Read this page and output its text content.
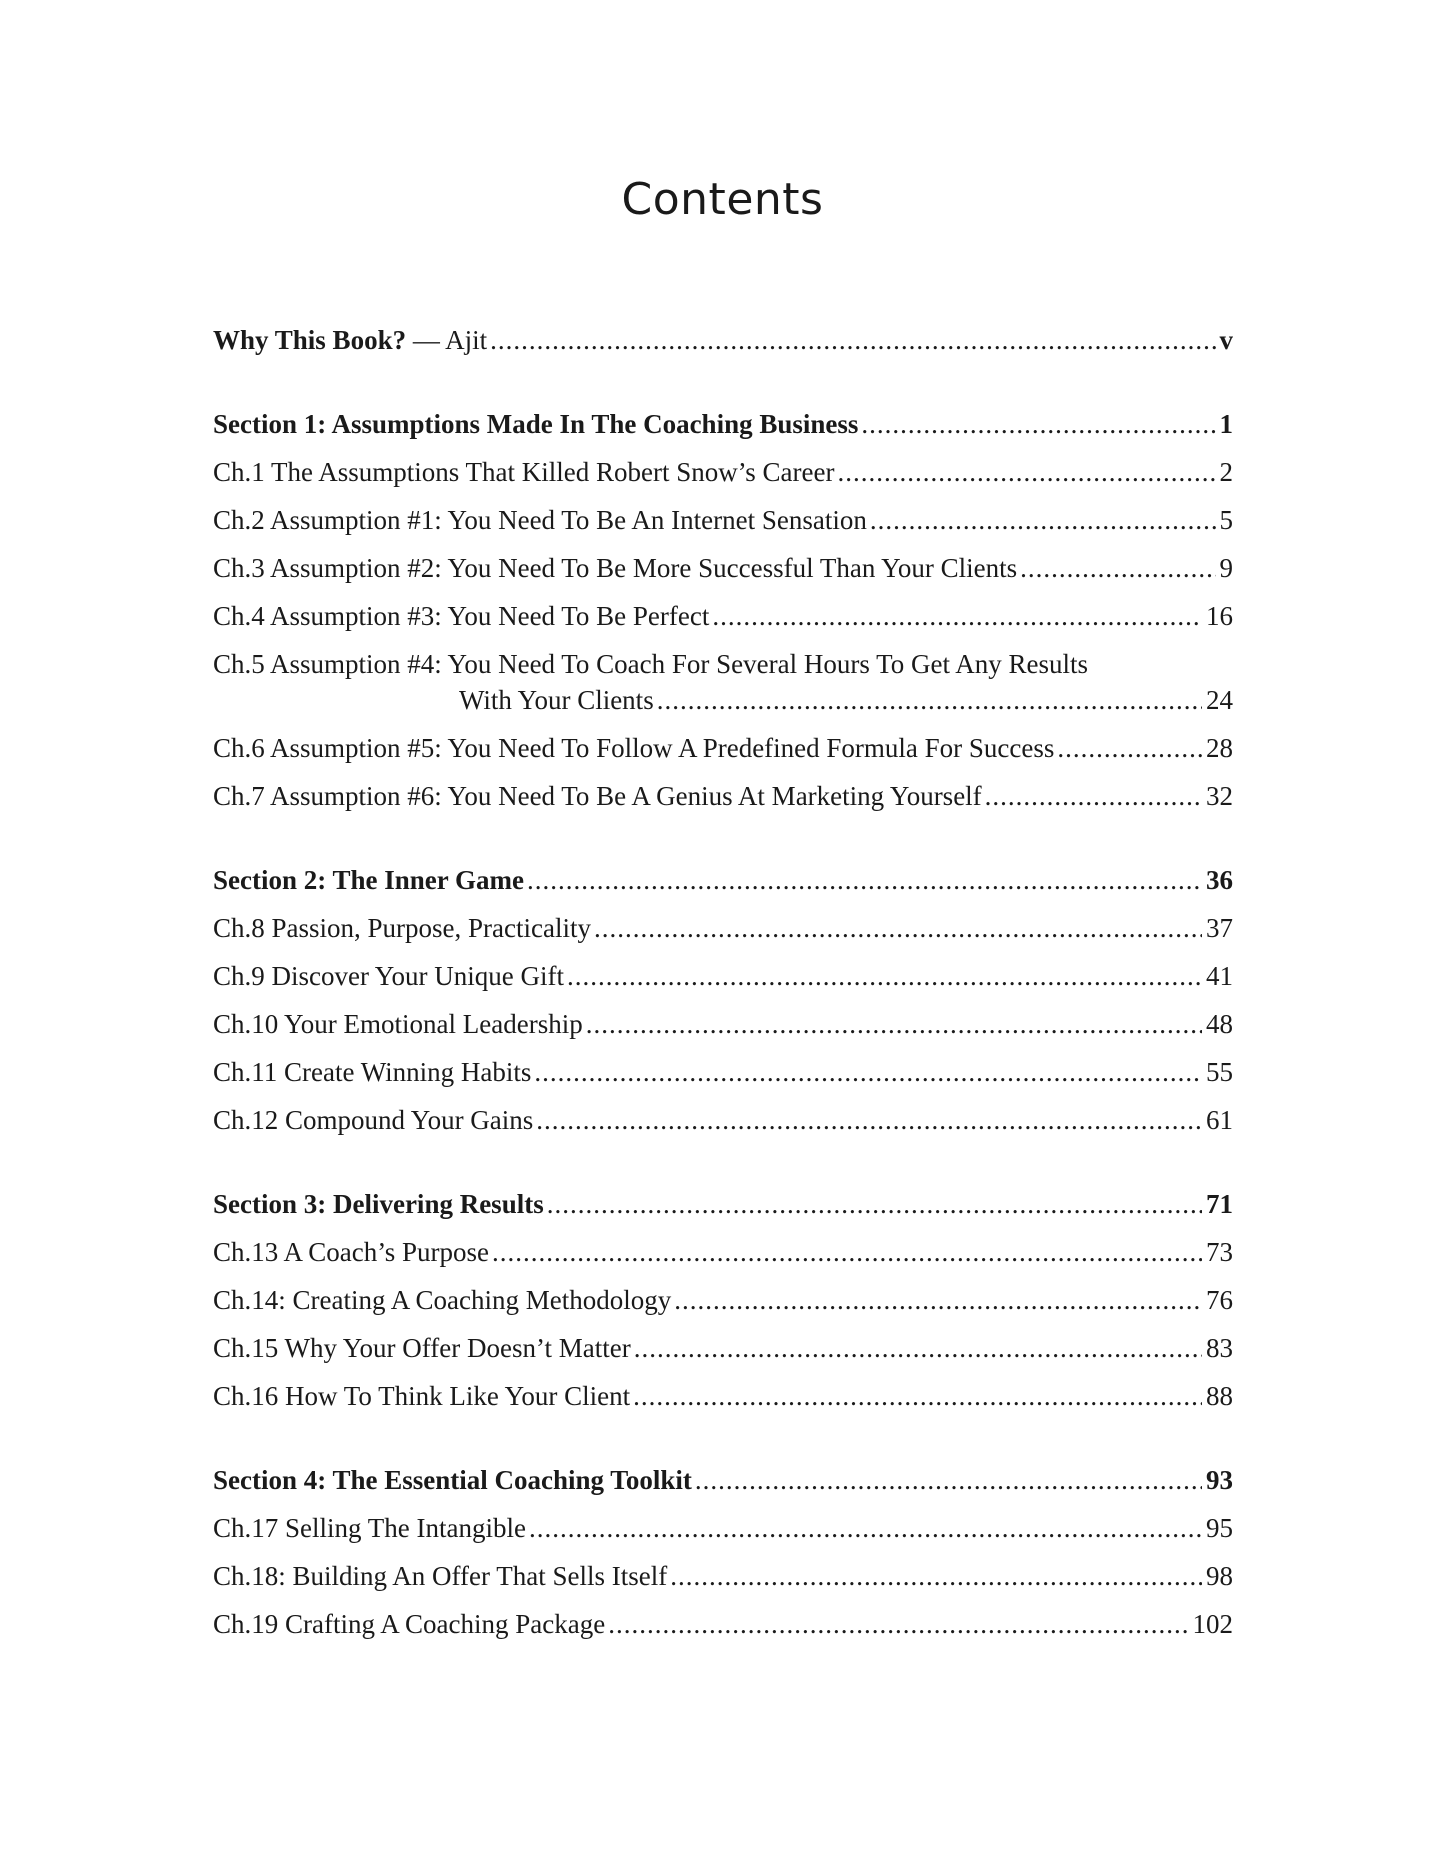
Contents
Why This Book? — Ajit .....	v
Section 1: Assumptions Made In The Coaching Business .....	1
Ch.1 The Assumptions That Killed Robert Snow’s Career .....	2
Ch.2 Assumption #1: You Need To Be An Internet Sensation .....	5
Ch.3 Assumption #2: You Need To Be More Successful Than Your Clients .....	9
Ch.4 Assumption #3: You Need To Be Perfect .....	16
Ch.5 Assumption #4: You Need To Coach For Several Hours To Get Any Results
With Your Clients .....	24
Ch.6 Assumption #5: You Need To Follow A Predefined Formula For Success .....	28
Ch.7 Assumption #6: You Need To Be A Genius At Marketing Yourself .....	32
Section 2: The Inner Game .....	36
Ch.8 Passion, Purpose, Practicality .....	37
Ch.9 Discover Your Unique Gift .....	41
Ch.10 Your Emotional Leadership .....	48
Ch.11 Create Winning Habits .....	55
Ch.12 Compound Your Gains .....	61
Section 3: Delivering Results .....	71
Ch.13 A Coach’s Purpose .....	73
Ch.14: Creating A Coaching Methodology .....	76
Ch.15 Why Your Offer Doesn’t Matter .....	83
Ch.16 How To Think Like Your Client .....	88
Section 4: The Essential Coaching Toolkit .....	93
Ch.17 Selling The Intangible .....	95
Ch.18: Building An Offer That Sells Itself .....	98
Ch.19 Crafting A Coaching Package .....	102
